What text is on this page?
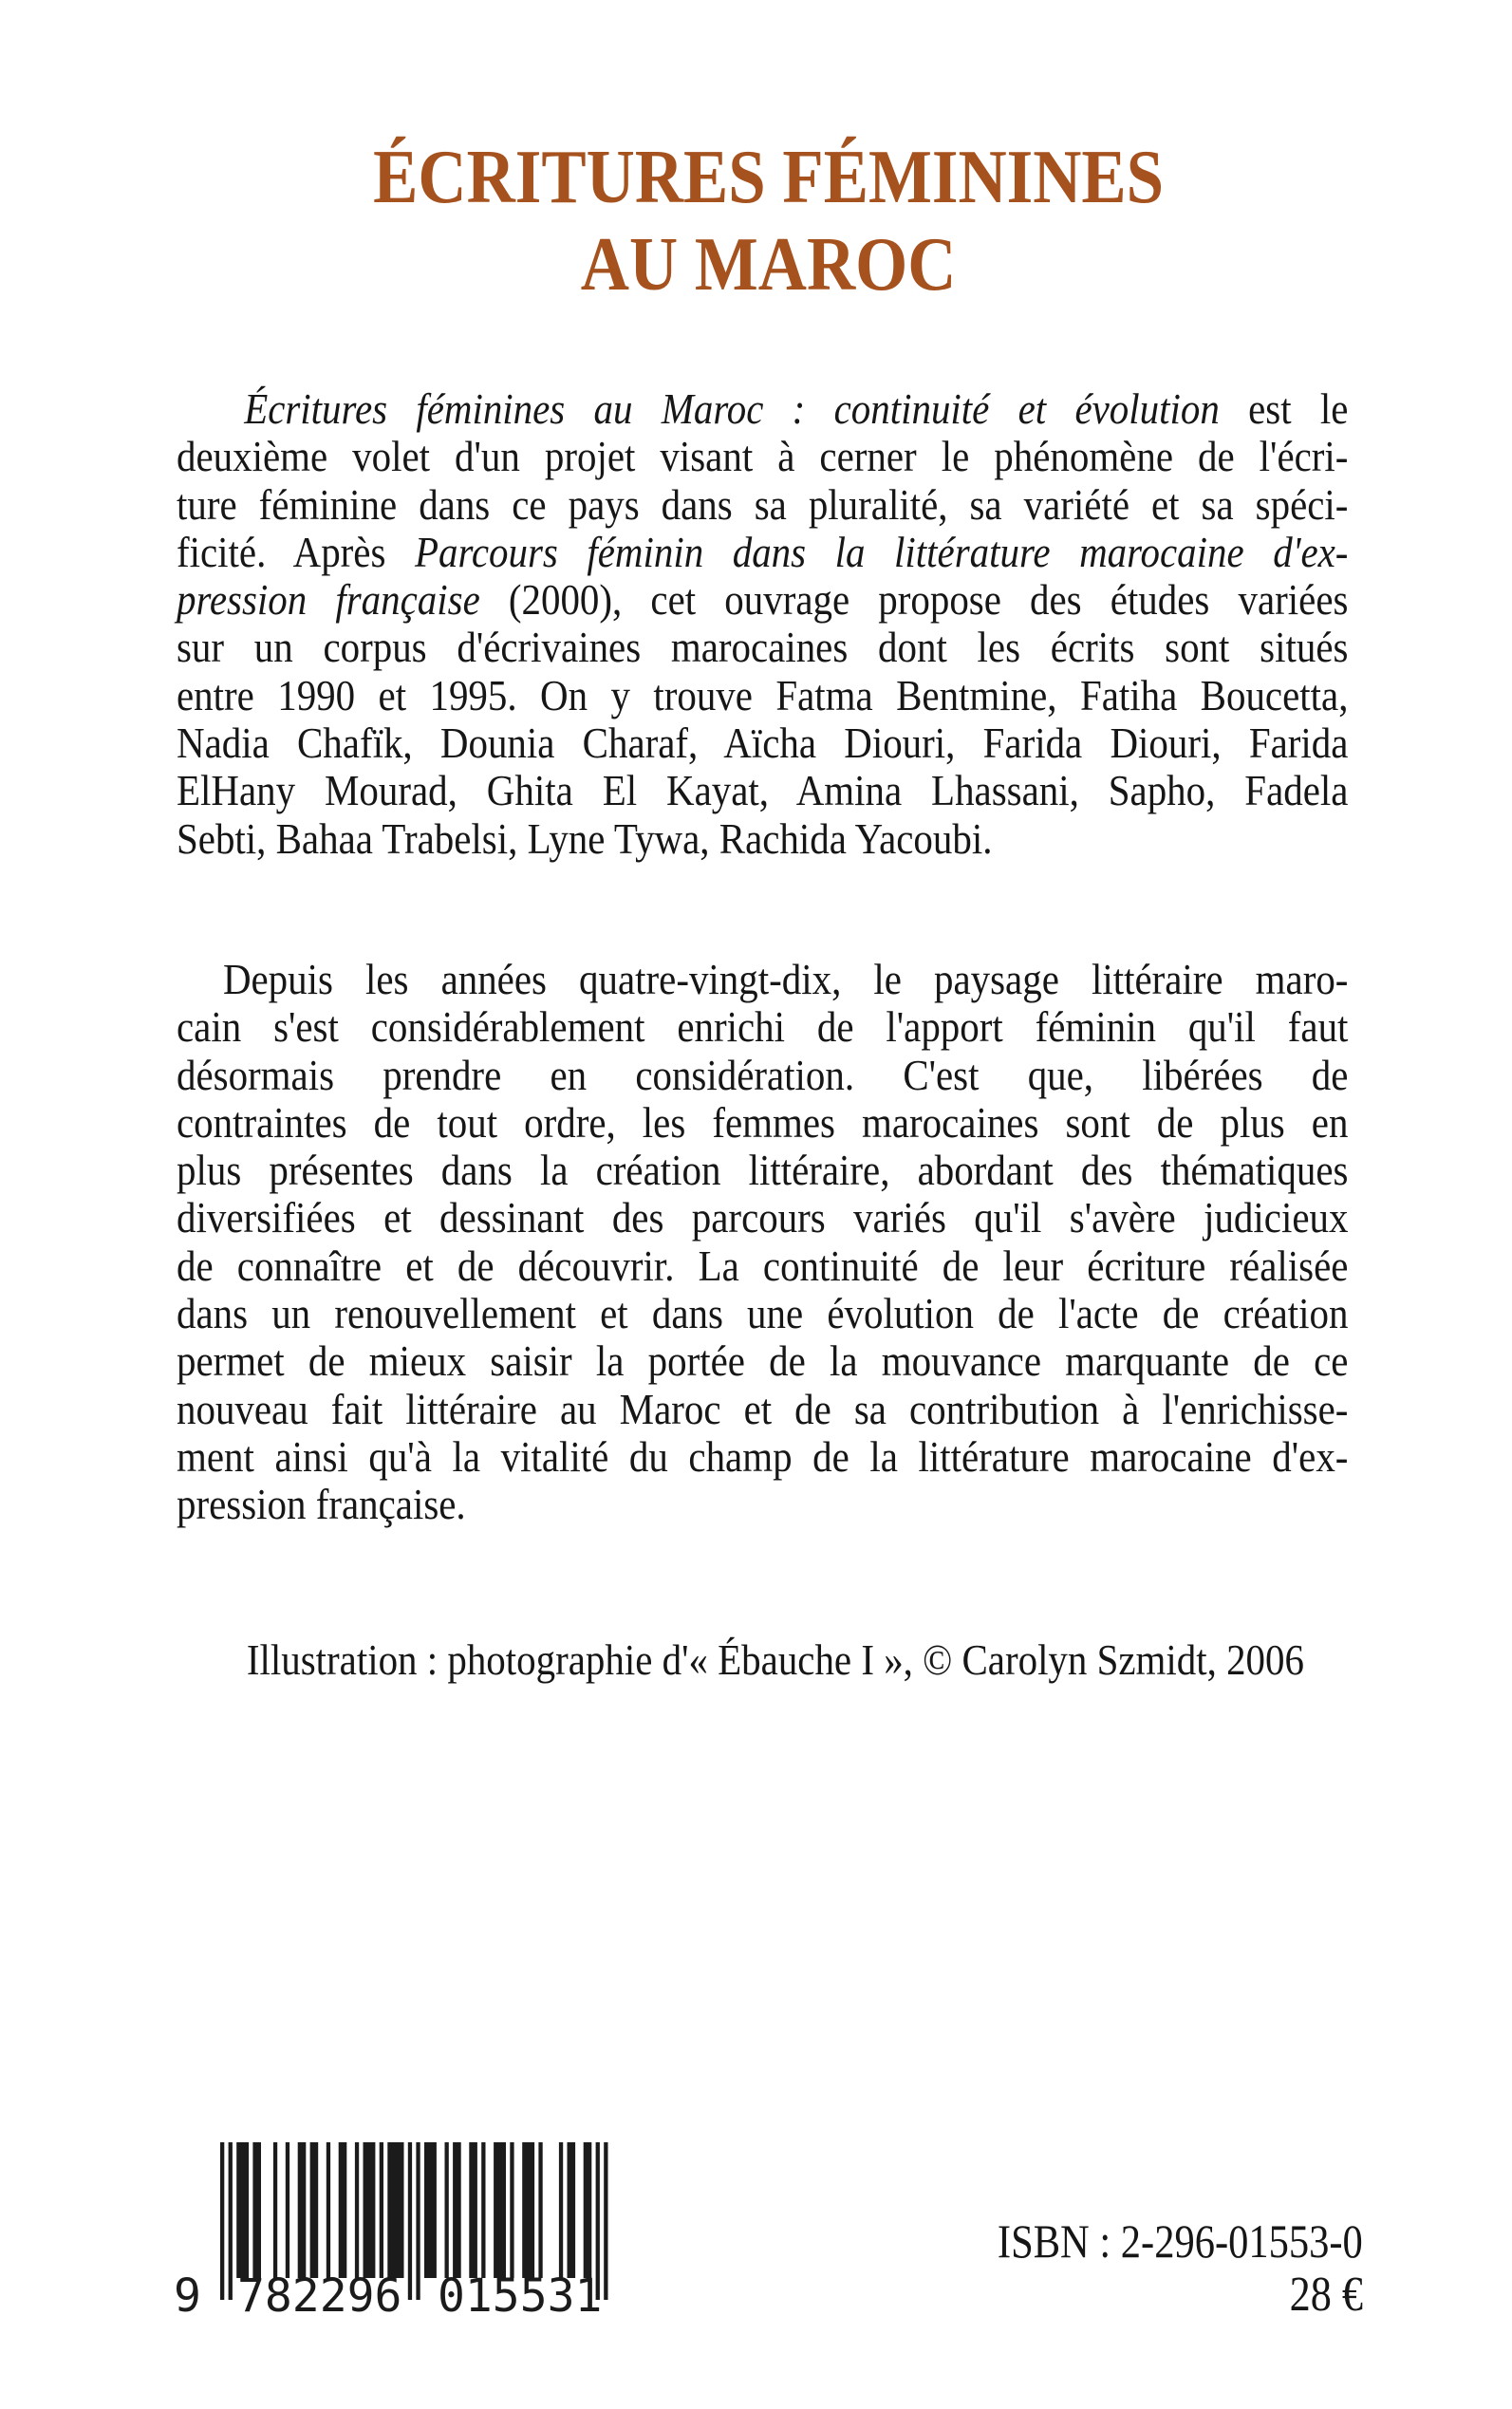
ÉCRITURES FÉMININES
AU MAROC
Écritures féminines au Maroc : continuité et évolution est le
deuxième volet d'un projet visant à cerner le phénomène de l'écri-
ture féminine dans ce pays dans sa pluralité, sa variété et sa spéci-
ficité. Après Parcours féminin dans la littérature marocaine d'ex-
pression française (2000), cet ouvrage propose des études variées
sur un corpus d'écrivaines marocaines dont les écrits sont situés
entre 1990 et 1995. On y trouve Fatma Bentmine, Fatiha Boucetta,
Nadia Chafïk, Dounia Charaf, Aïcha Diouri, Farida Diouri, Farida
ElHany Mourad, Ghita El Kayat, Amina Lhassani, Sapho, Fadela
Sebti, Bahaa Trabelsi, Lyne Tywa, Rachida Yacoubi.
Depuis les années quatre-vingt-dix, le paysage littéraire maro-
cain s'est considérablement enrichi de l'apport féminin qu'il faut
désormais prendre en considération. C'est que, libérées de
contraintes de tout ordre, les femmes marocaines sont de plus en
plus présentes dans la création littéraire, abordant des thématiques
diversifiées et dessinant des parcours variés qu'il s'avère judicieux
de connaître et de découvrir. La continuité de leur écriture réalisée
dans un renouvellement et dans une évolution de l'acte de création
permet de mieux saisir la portée de la mouvance marquante de ce
nouveau fait littéraire au Maroc et de sa contribution à l'enrichisse-
ment ainsi qu'à la vitalité du champ de la littérature marocaine d'ex-
pression française.
Illustration : photographie d'« Ébauche I », © Carolyn Szmidt, 2006
9 782296 015531
ISBN : 2-296-01553-0
28 €
